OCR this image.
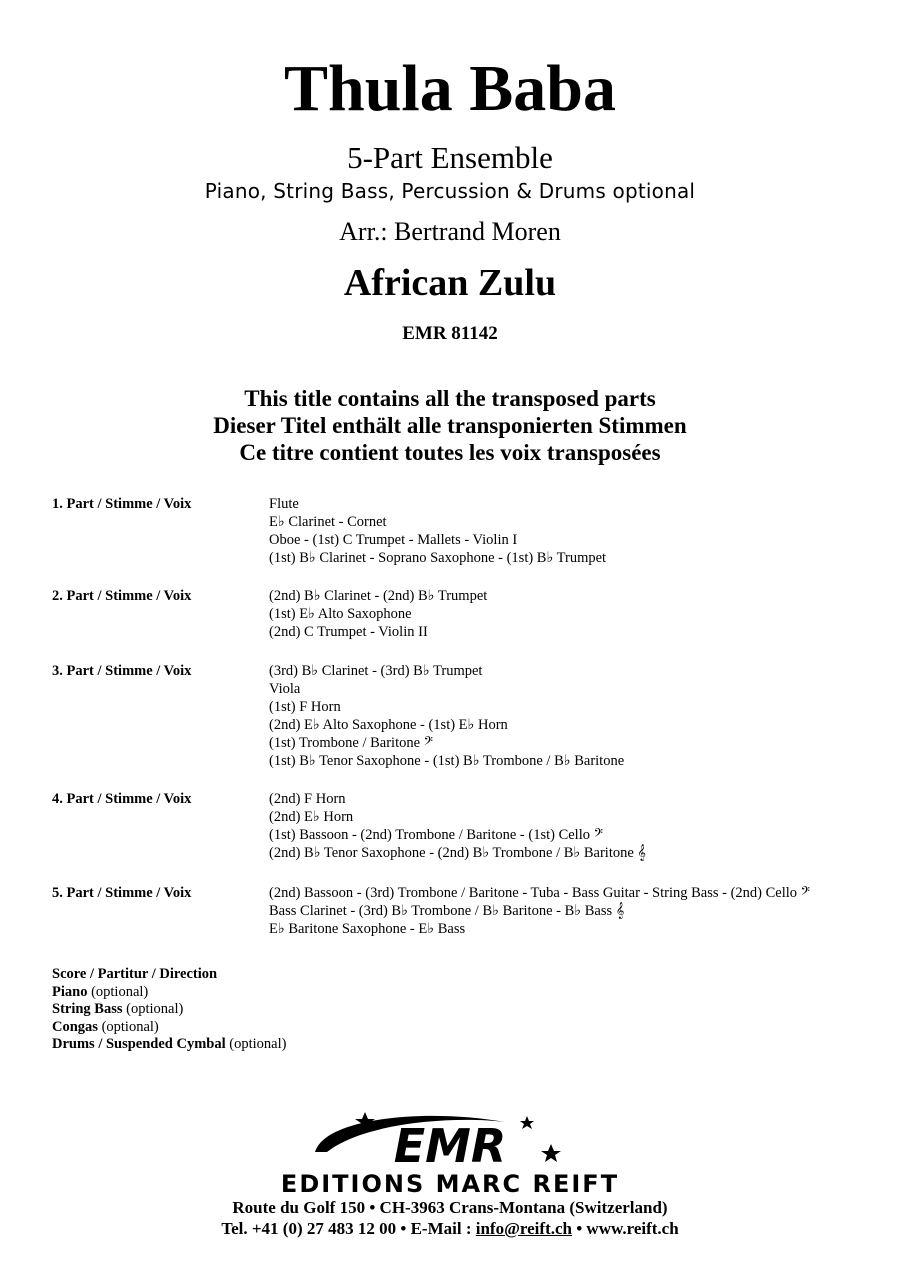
Thula Baba
5-Part Ensemble
Piano, String Bass, Percussion & Drums optional
Arr.: Bertrand Moren
African Zulu
EMR 81142
This title contains all the transposed parts
Dieser Titel enthält alle transponierten Stimmen
Ce titre contient toutes les voix transposées
1. Part / Stimme / Voix	Flute
E♭ Clarinet - Cornet
Oboe - (1st) C Trumpet - Mallets - Violin I
(1st) B♭ Clarinet - Soprano Saxophone - (1st) B♭ Trumpet
2. Part / Stimme / Voix	(2nd) B♭ Clarinet - (2nd) B♭ Trumpet
(1st) E♭ Alto Saxophone
(2nd) C Trumpet - Violin II
3. Part / Stimme / Voix	(3rd) B♭ Clarinet - (3rd) B♭ Trumpet
Viola
(1st) F Horn
(2nd) E♭ Alto Saxophone - (1st) E♭ Horn
(1st) Trombone / Baritone 𝄢
(1st) B♭ Tenor Saxophone - (1st) B♭ Trombone / B♭ Baritone
4. Part / Stimme / Voix	(2nd) F Horn
(2nd) E♭ Horn
(1st) Bassoon - (2nd) Trombone / Baritone - (1st) Cello 𝄢
(2nd) B♭ Tenor Saxophone - (2nd) B♭ Trombone / B♭ Baritone 𝄞
5. Part / Stimme / Voix	(2nd) Bassoon - (3rd) Trombone / Baritone - Tuba - Bass Guitar - String Bass - (2nd) Cello 𝄢
Bass Clarinet - (3rd) B♭ Trombone / B♭ Baritone - B♭ Bass 𝄞
E♭ Baritone Saxophone - E♭ Bass
Score / Partitur / Direction
Piano (optional)
String Bass (optional)
Congas (optional)
Drums / Suspended Cymbal (optional)
EMR
EDITIONS MARC REIFT
Route du Golf 150 • CH-3963 Crans-Montana (Switzerland)
Tel. +41 (0) 27 483 12 00 • E-Mail : info@reift.ch • www.reift.ch
